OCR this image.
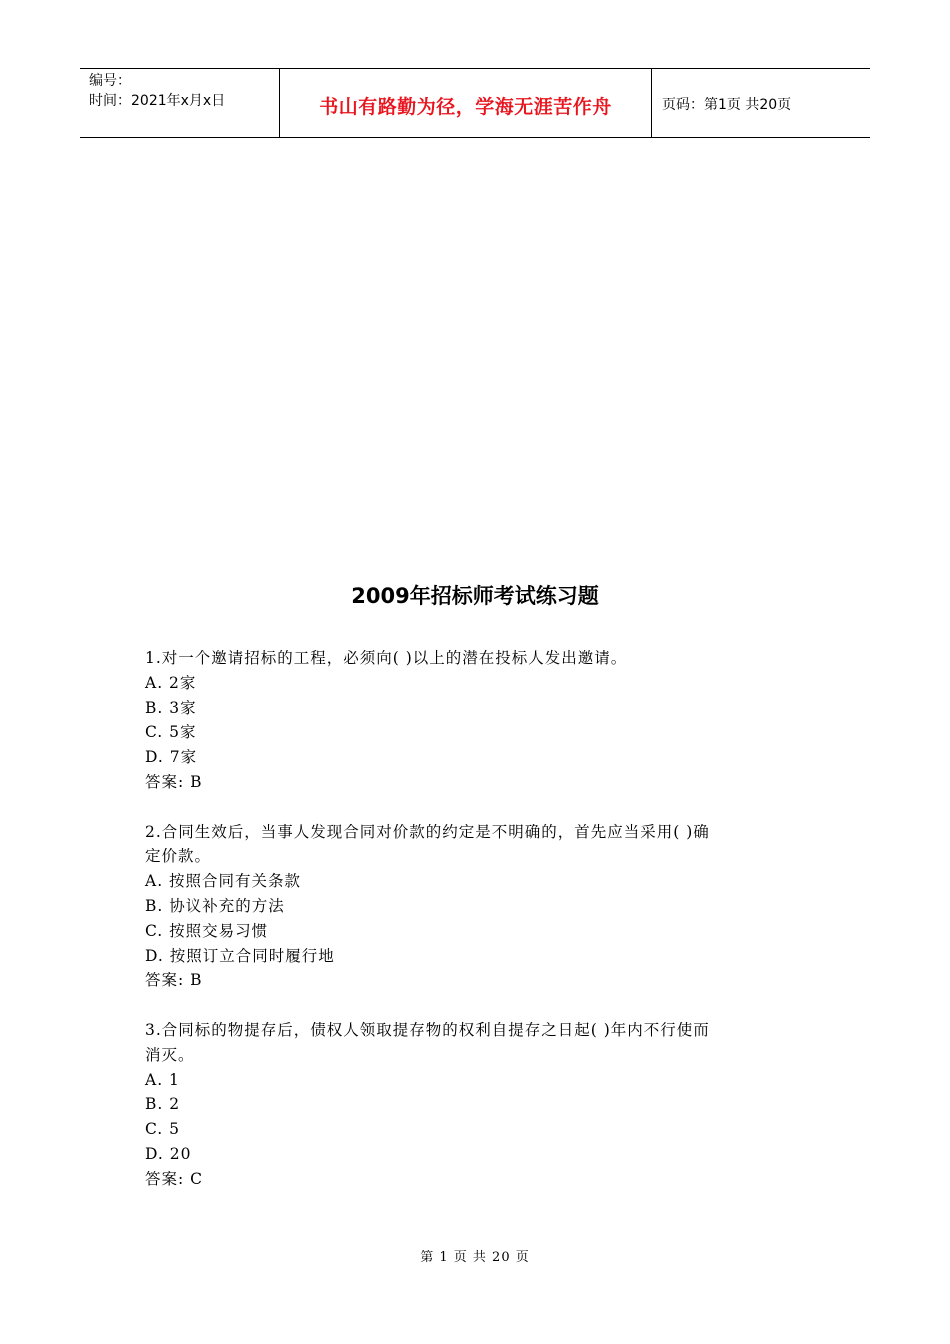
编号：
时间：2021年x月x日	书山有路勤为径，学海无涯苦作舟	页码：第1页 共20页
2009年招标师考试练习题
1.对一个邀请招标的工程，必须向( )以上的潜在投标人发出邀请。
A. 2家
B. 3家
C. 5家
D. 7家
答案: B
2.合同生效后，当事人发现合同对价款的约定是不明确的，首先应当采用( )确
定价款。
A. 按照合同有关条款
B. 协议补充的方法
C. 按照交易习惯
D. 按照订立合同时履行地
答案: B
3.合同标的物提存后，债权人领取提存物的权利自提存之日起( )年内不行使而
消灭。
A. 1
B. 2
C. 5
D. 20
答案: C
第 1 页 共 20 页
